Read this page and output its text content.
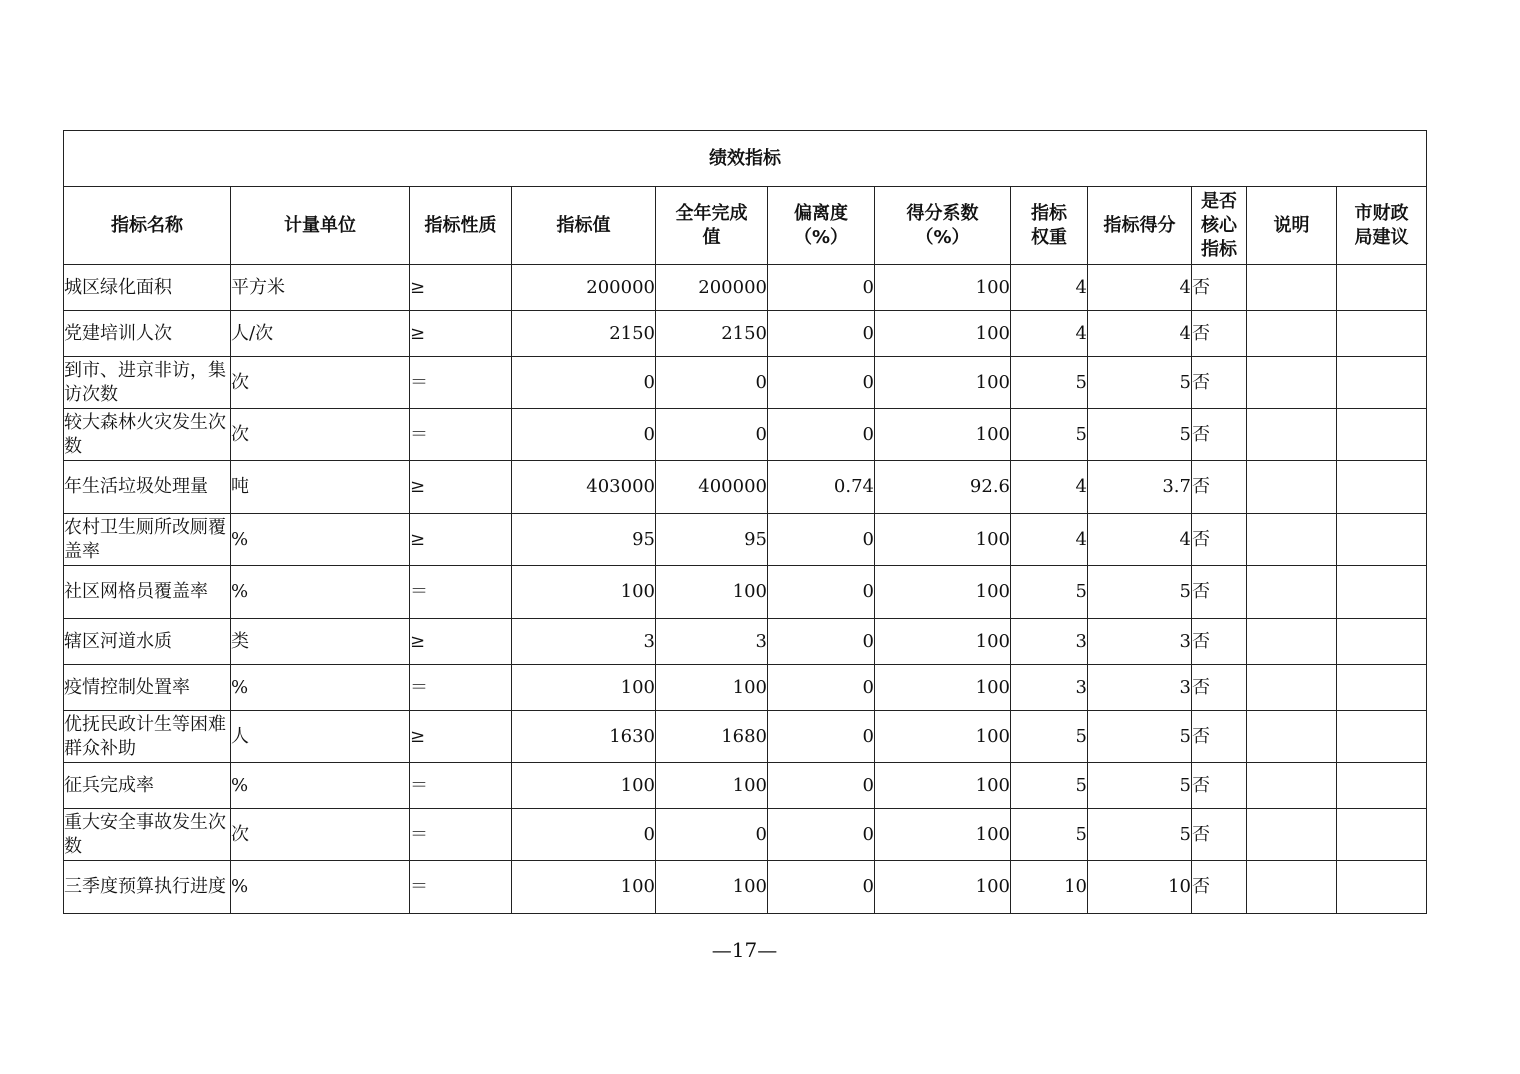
绩效指标											
指标名称	计量单位	指标性质	指标值	全年完成值	偏离度（%）	得分系数（%）	指标权重	指标得分	是否核心指标	说明	市财政局建议
城区绿化面积	平方米	≥	200000	200000	0	100	4	4	否		
党建培训人次	人/次	≥	2150	2150	0	100	4	4	否		
到市、进京非访，集访次数	次	＝	0	0	0	100	5	5	否		
较大森林火灾发生次数	次	＝	0	0	0	100	5	5	否		
年生活垃圾处理量	吨	≥	403000	400000	0.74	92.6	4	3.7	否		
农村卫生厕所改厕覆盖率	%	≥	95	95	0	100	4	4	否		
社区网格员覆盖率	%	＝	100	100	0	100	5	5	否		
辖区河道水质	类	≥	3	3	0	100	3	3	否		
疫情控制处置率	%	＝	100	100	0	100	3	3	否		
优抚民政计生等困难群众补助	人	≥	1630	1680	0	100	5	5	否		
征兵完成率	%	＝	100	100	0	100	5	5	否		
重大安全事故发生次数	次	＝	0	0	0	100	5	5	否		
三季度预算执行进度	%	＝	100	100	0	100	10	10	否		
—17—
